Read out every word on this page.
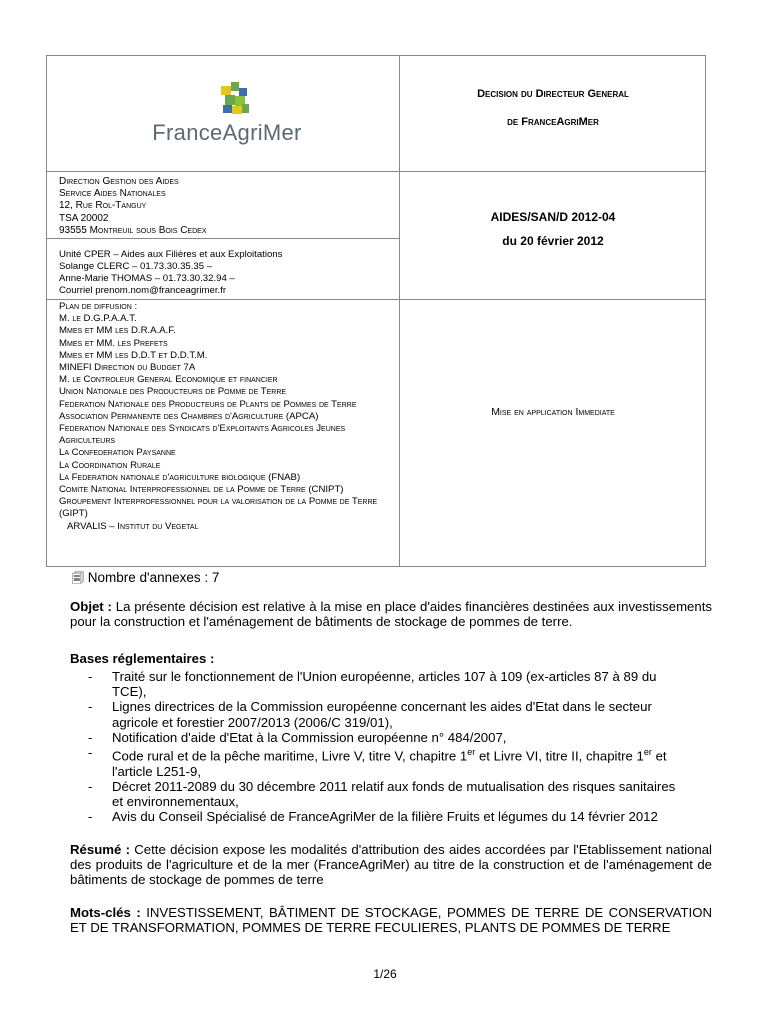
FranceAgriMer
Decision du Directeur General
de FranceAgriMer
Direction Gestion des Aides
Service Aides Nationales
12, Rue Rol-Tanguy
TSA 20002
93555 Montreuil sous Bois Cedex
Unité CPER – Aides aux Filières et aux Exploitations
Solange CLERC – 01.73.30.35.35 –
Anne-Marie THOMAS – 01.73.30.32.94 –
Courriel prenom.nom@franceagrimer.fr
AIDES/SAN/D 2012-04
du 20 février 2012
Plan de diffusion :
M. le D.G.P.A.A.T.
Mmes et MM les D.R.A.A.F.
Mmes et MM. les Prefets
Mmes et MM les D.D.T et D.D.T.M.
MINEFI Direction du Budget 7A
M. le Controleur General Economique et financier
Union Nationale des Producteurs de Pomme de Terre
Federation Nationale des Producteurs de Plants de Pommes de Terre
Association Permanente des Chambres d'Agriculture (APCA)
Federation Nationale des Syndicats d'Exploitants Agricoles Jeunes Agriculteurs
La Confederation Paysanne
La Coordination Rurale
La Federation nationale d'agriculture biologique (FNAB)
Comite National Interprofessionnel de la Pomme de Terre (CNIPT)
Groupement Interprofessionnel pour la valorisation de la Pomme de Terre (GIPT)
ARVALIS – Institut du Vegetal
Mise en application Immediate
🗐 Nombre d'annexes : 7
Objet : La présente décision est relative à la mise en place d'aides financières destinées aux investissements pour la construction et l'aménagement de bâtiments de stockage de pommes de terre.
Bases réglementaires :
- Traité sur le fonctionnement de l'Union européenne, articles 107 à 109 (ex-articles 87 à 89 du TCE),
- Lignes directrices de la Commission européenne concernant les aides d'Etat dans le secteur agricole et forestier 2007/2013 (2006/C 319/01),
- Notification d'aide d'Etat à la Commission européenne n° 484/2007,
- Code rural et de la pêche maritime, Livre V, titre V, chapitre 1er et Livre VI, titre II, chapitre 1er et l'article L251-9,
- Décret 2011-2089 du 30 décembre 2011 relatif aux fonds de mutualisation des risques sanitaires et environnementaux,
- Avis du Conseil Spécialisé de FranceAgriMer de la filière Fruits et légumes du 14 février 2012
Résumé : Cette décision expose les modalités d'attribution des aides accordées par l'Etablissement national des produits de l'agriculture et de la mer (FranceAgriMer) au titre de la construction et de l'aménagement de bâtiments de stockage de pommes de terre
Mots-clés : INVESTISSEMENT, BÂTIMENT DE STOCKAGE, POMMES DE TERRE DE CONSERVATION ET DE TRANSFORMATION, POMMES DE TERRE FECULIERES, PLANTS DE POMMES DE TERRE
1/26
